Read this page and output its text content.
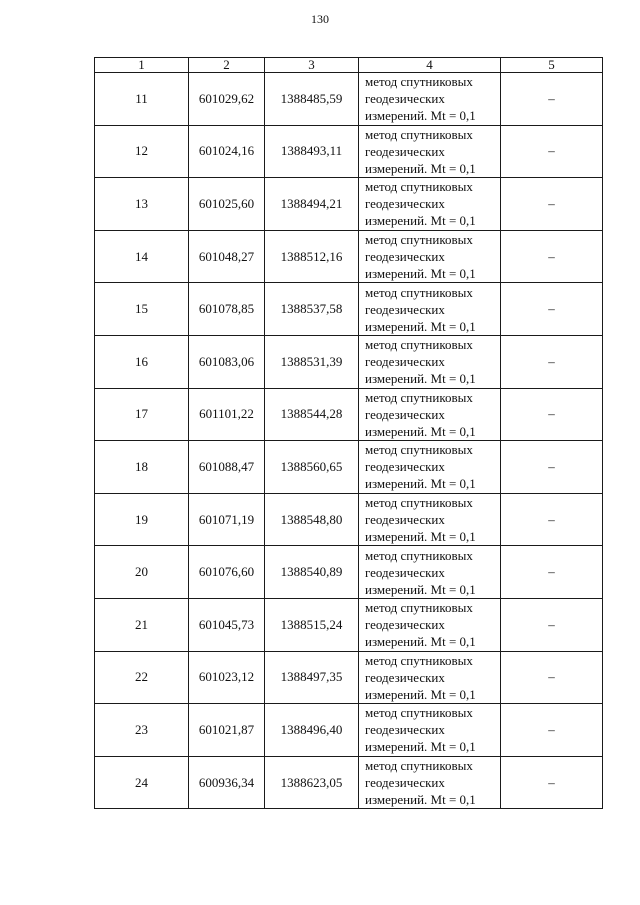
130
1	2	3	4	5
11	601029,62	1388485,59	метод спутниковых
геодезических
измерений. Mt = 0,1	–
12	601024,16	1388493,11	метод спутниковых
геодезических
измерений. Mt = 0,1	–
13	601025,60	1388494,21	метод спутниковых
геодезических
измерений. Mt = 0,1	–
14	601048,27	1388512,16	метод спутниковых
геодезических
измерений. Mt = 0,1	–
15	601078,85	1388537,58	метод спутниковых
геодезических
измерений. Mt = 0,1	–
16	601083,06	1388531,39	метод спутниковых
геодезических
измерений. Mt = 0,1	–
17	601101,22	1388544,28	метод спутниковых
геодезических
измерений. Mt = 0,1	–
18	601088,47	1388560,65	метод спутниковых
геодезических
измерений. Mt = 0,1	–
19	601071,19	1388548,80	метод спутниковых
геодезических
измерений. Mt = 0,1	–
20	601076,60	1388540,89	метод спутниковых
геодезических
измерений. Mt = 0,1	–
21	601045,73	1388515,24	метод спутниковых
геодезических
измерений. Mt = 0,1	–
22	601023,12	1388497,35	метод спутниковых
геодезических
измерений. Mt = 0,1	–
23	601021,87	1388496,40	метод спутниковых
геодезических
измерений. Mt = 0,1	–
24	600936,34	1388623,05	метод спутниковых
геодезических
измерений. Mt = 0,1	–
